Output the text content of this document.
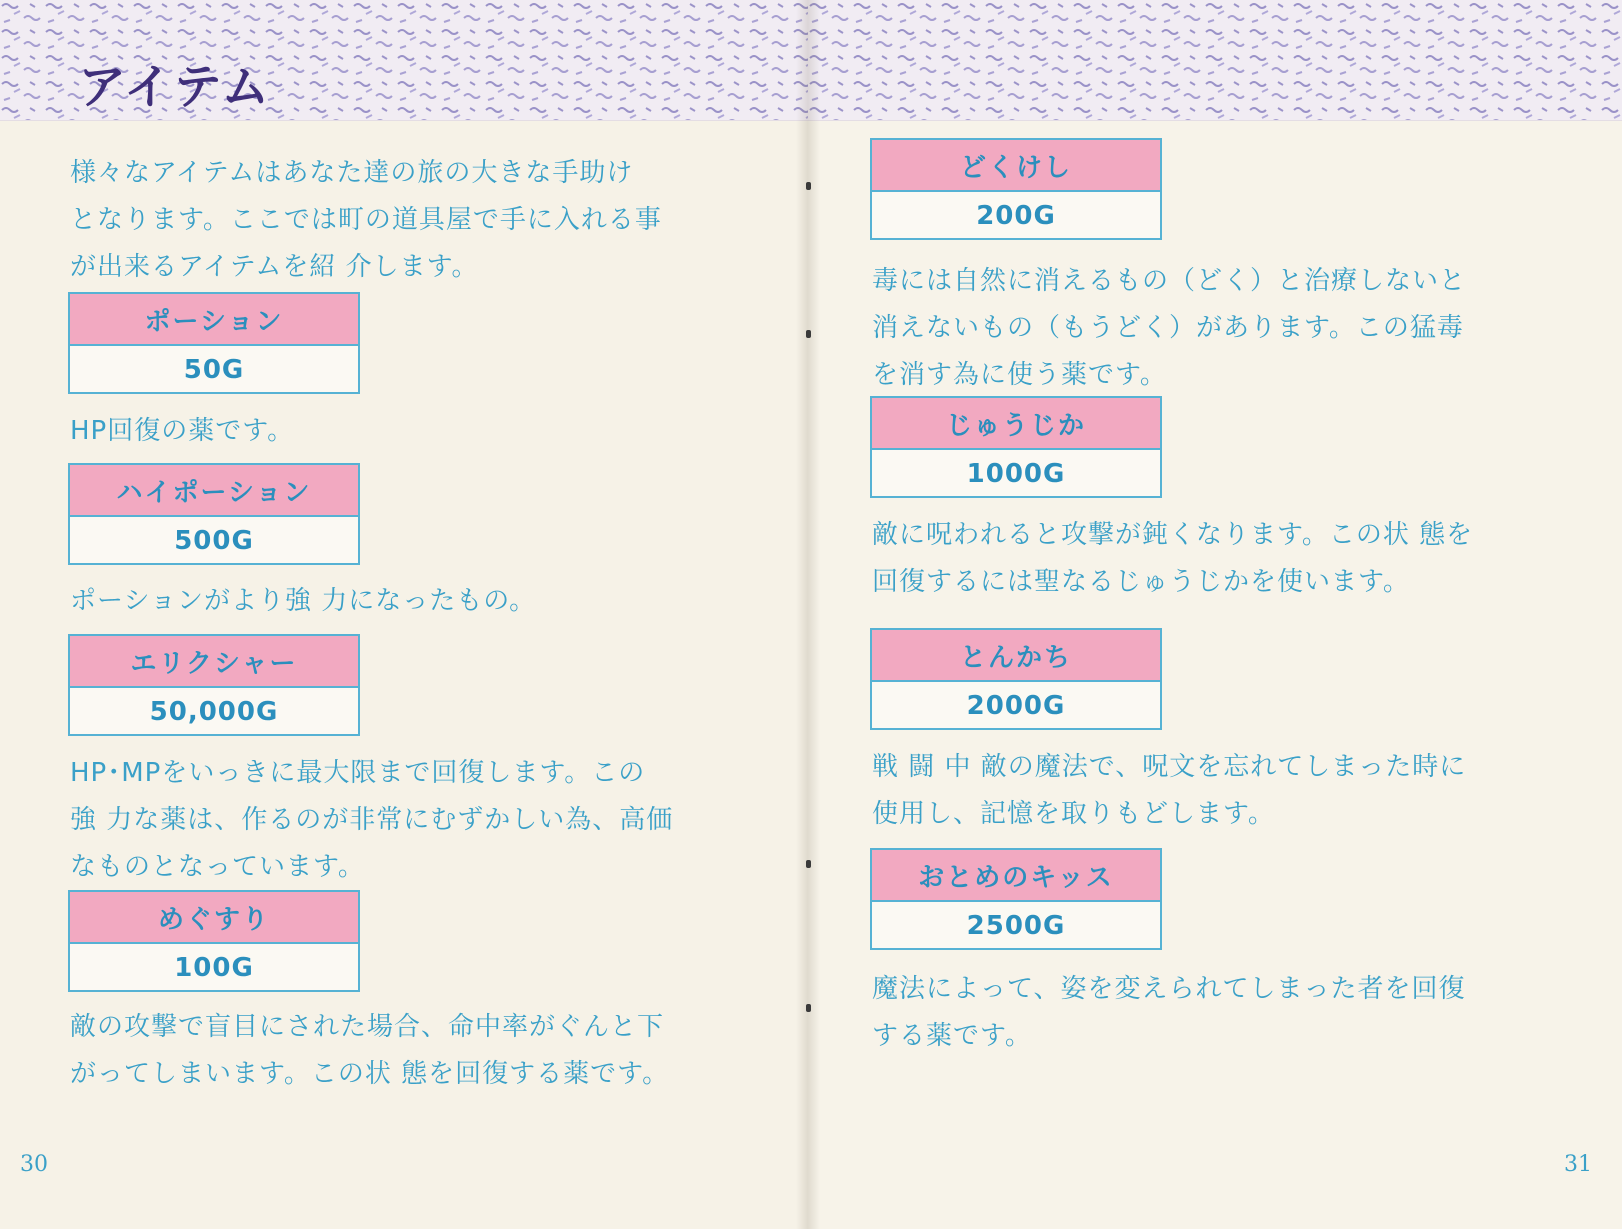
アイテム

様々なアイテムはあなた達の旅の大きな手助け
となります。ここでは町の道具屋で手に入れる事
が出来るアイテムを紹 介します。

ポーション
50G

HP回復の薬です。

ハイポーション
500G

ポーションがより強 力になったもの。

エリクシャー
50,000G

HP･MPをいっきに最大限まで回復します。この
強 力な薬は、作るのが非常にむずかしい為、高価
なものとなっています。

めぐすり
100G

敵の攻撃で盲目にされた場合、命中率がぐんと下
がってしまいます。この状 態を回復する薬です。

30
どくけし
200G

毒には自然に消えるもの（どく）と治療しないと
消えないもの（もうどく）があります。この猛毒
を消す為に使う薬です。

じゅうじか
1000G

敵に呪われると攻撃が鈍くなります。この状 態を
回復するには聖なるじゅうじかを使います。

とんかち
2000G

戦 闘 中 敵の魔法で、呪文を忘れてしまった時に
使用し、記憶を取りもどします。

おとめのキッス
2500G

魔法によって、姿を変えられてしまった者を回復
する薬です。

31
